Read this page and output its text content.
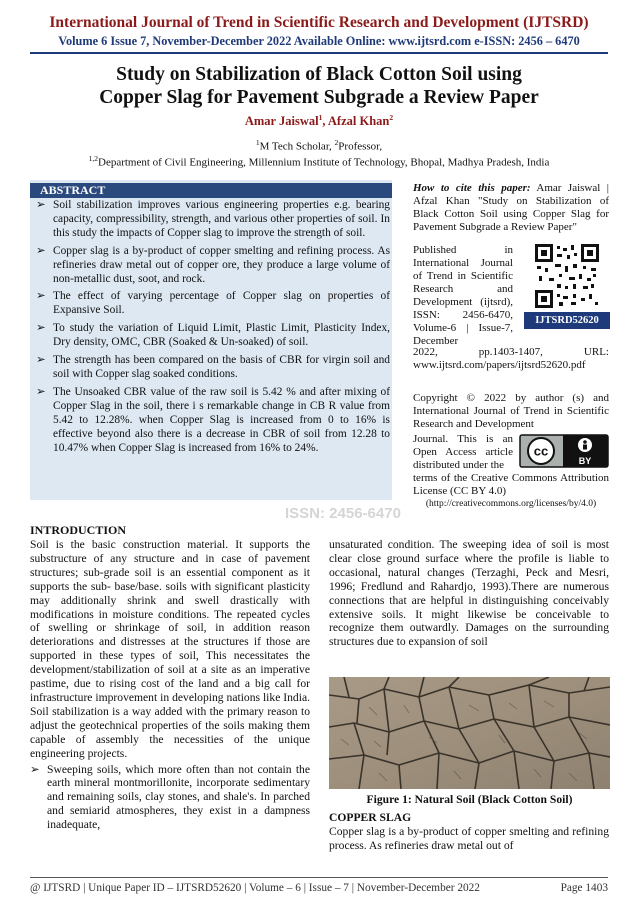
International Journal of Trend in Scientific Research and Development (IJTSRD)
Volume 6 Issue 7, November-December 2022 Available Online: www.ijtsrd.com e-ISSN: 2456 – 6470
Study on Stabilization of Black Cotton Soil using
Copper Slag for Pavement Subgrade a Review Paper
Amar Jaiswal$^1$, Afzal Khan$^2$
$^1$M Tech Scholar, $^2$Professor,
$^{1,2}$Department of Civil Engineering, Millennium Institute of Technology, Bhopal, Madhya Pradesh, India
ABSTRACT
➢ Soil stabilization improves various engineering properties e.g. bearing capacity, compressibility, strength, and various other properties of soil. In this study the impacts of Copper slag to improve the strength of soil.
➢ Copper slag is a by-product of copper smelting and refining process. As refineries draw metal out of copper ore, they produce a large volume of non-metallic dust, soot, and rock.
➢ The effect of varying percentage of Copper slag on properties of Expansive Soil.
➢ To study the variation of Liquid Limit, Plastic Limit, Plasticity Index, Dry density, OMC, CBR (Soaked & Un-soaked) of soil.
➢ The strength has been compared on the basis of CBR for virgin soil and soil with Copper slag soaked conditions.
➢ The Unsoaked CBR value of the raw soil is 5.42 % and after mixing of Copper Slag in the soil, there i s remarkable change in CB R value from 5.42 to 12.28%. when Copper Slag is increased from 0 to 16% is effective beyond also there is a decrease in CBR of soil from 12.28 to 10.47% when Copper Slag is increased from 16% to 24%.
How to cite this paper: Amar Jaiswal | Afzal Khan "Study on Stabilization of Black Cotton Soil using Copper Slag for Pavement Subgrade a Review Paper"
Published in International Journal of Trend in Scientific Research and Development (ijtsrd), ISSN: 2456-6470, Volume-6 | Issue-7, December
IJTSRD52620
2022, pp.1403-1407, URL: www.ijtsrd.com/papers/ijtsrd52620.pdf
Copyright © 2022 by author (s) and International Journal of Trend in Scientific Research and Development
Journal. This is an Open Access article distributed under the
cc
BY
terms of the Creative Commons Attribution License (CC BY 4.0)
(http://creativecommons.org/licenses/by/4.0)
ISSN: 2456-6470
INTRODUCTION
Soil is the basic construction material. It supports the substructure of any structure and in case of pavement structures; sub-grade soil is an essential component as it supports the sub- base/base. soils with significant plasticity may additionally shrink and swell drastically with modifications in moisture conditions. The repeated cycles of swelling or shrinkage of soil, in addition reason deteriorations and distresses at the structures if those are supported in these types of soil, This necessitates the development/stabilization of soil at a site as an imperative pastime, due to rising cost of the land and a big call for infrastructure improvement in developing nations like India. Soil stabilization is a way added with the primary reason to adjust the geotechnical properties of the soils making them capable of assembly the necessities of the unique engineering projects.
➢ Sweeping soils, which more often than not contain the earth mineral montmorillonite, incorporate sedimentary and remaining soils, clay stones, and shale's. In parched and semiarid atmospheres, they exist in a dampness inadequate,
unsaturated condition. The sweeping idea of soil is most clear close ground surface where the profile is liable to occasional, natural changes (Terzaghi, Peck and Mesri, 1996; Fredlund and Rahardjo, 1993).There are numerous connections that are helpful in distinguishing conceivably extensive soils. It might likewise be conceivable to recognize them outwardly. Damages on the surrounding structures due to expansion of soil
Figure 1: Natural Soil (Black Cotton Soil)
COPPER SLAG
Copper slag is a by-product of copper smelting and refining process. As refineries draw metal out of
@ IJTSRD | Unique Paper ID – IJTSRD52620 | Volume – 6 | Issue – 7 | November-December 2022	Page 1403
